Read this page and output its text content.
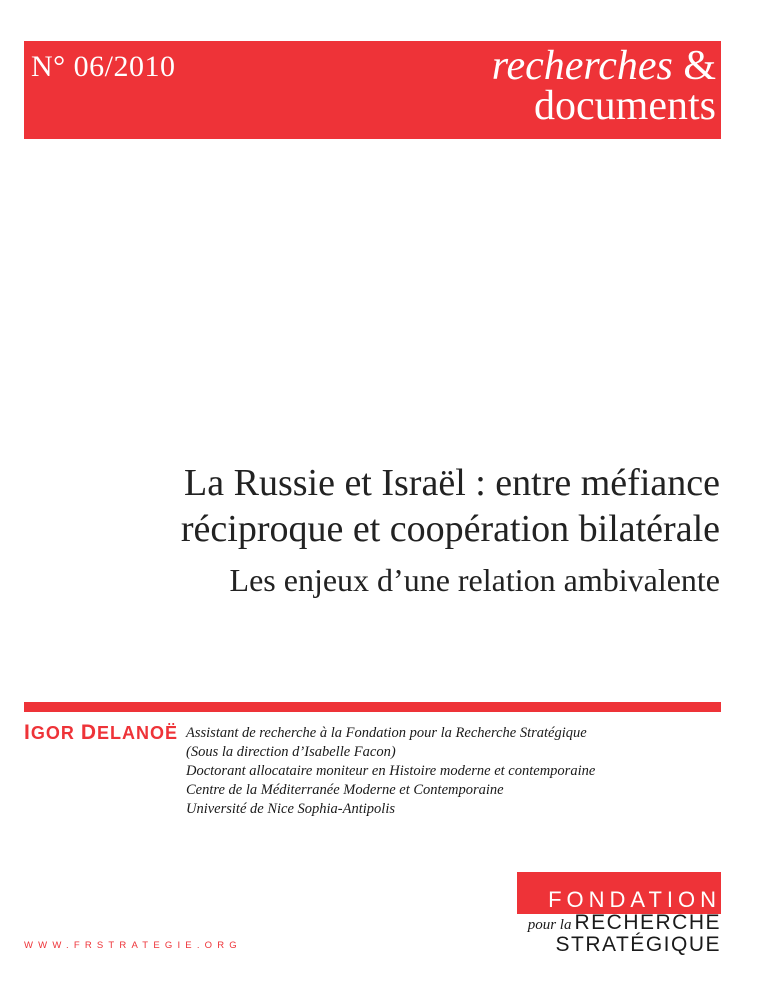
N° 06/2010	recherches &
documents
La Russie et Israël : entre méfiance
réciproque et coopération bilatérale
Les enjeux d’une relation ambivalente
IGOR DELANOË Assistant de recherche à la Fondation pour la Recherche Stratégique
(Sous la direction d’Isabelle Facon)
Doctorant allocataire moniteur en Histoire moderne et contemporaine
Centre de la Méditerranée Moderne et Contemporaine
Université de Nice Sophia-Antipolis
WWW.FRSTRATEGIE.ORG
FONDATION
pour la RECHERCHE
STRATÉGIQUE
